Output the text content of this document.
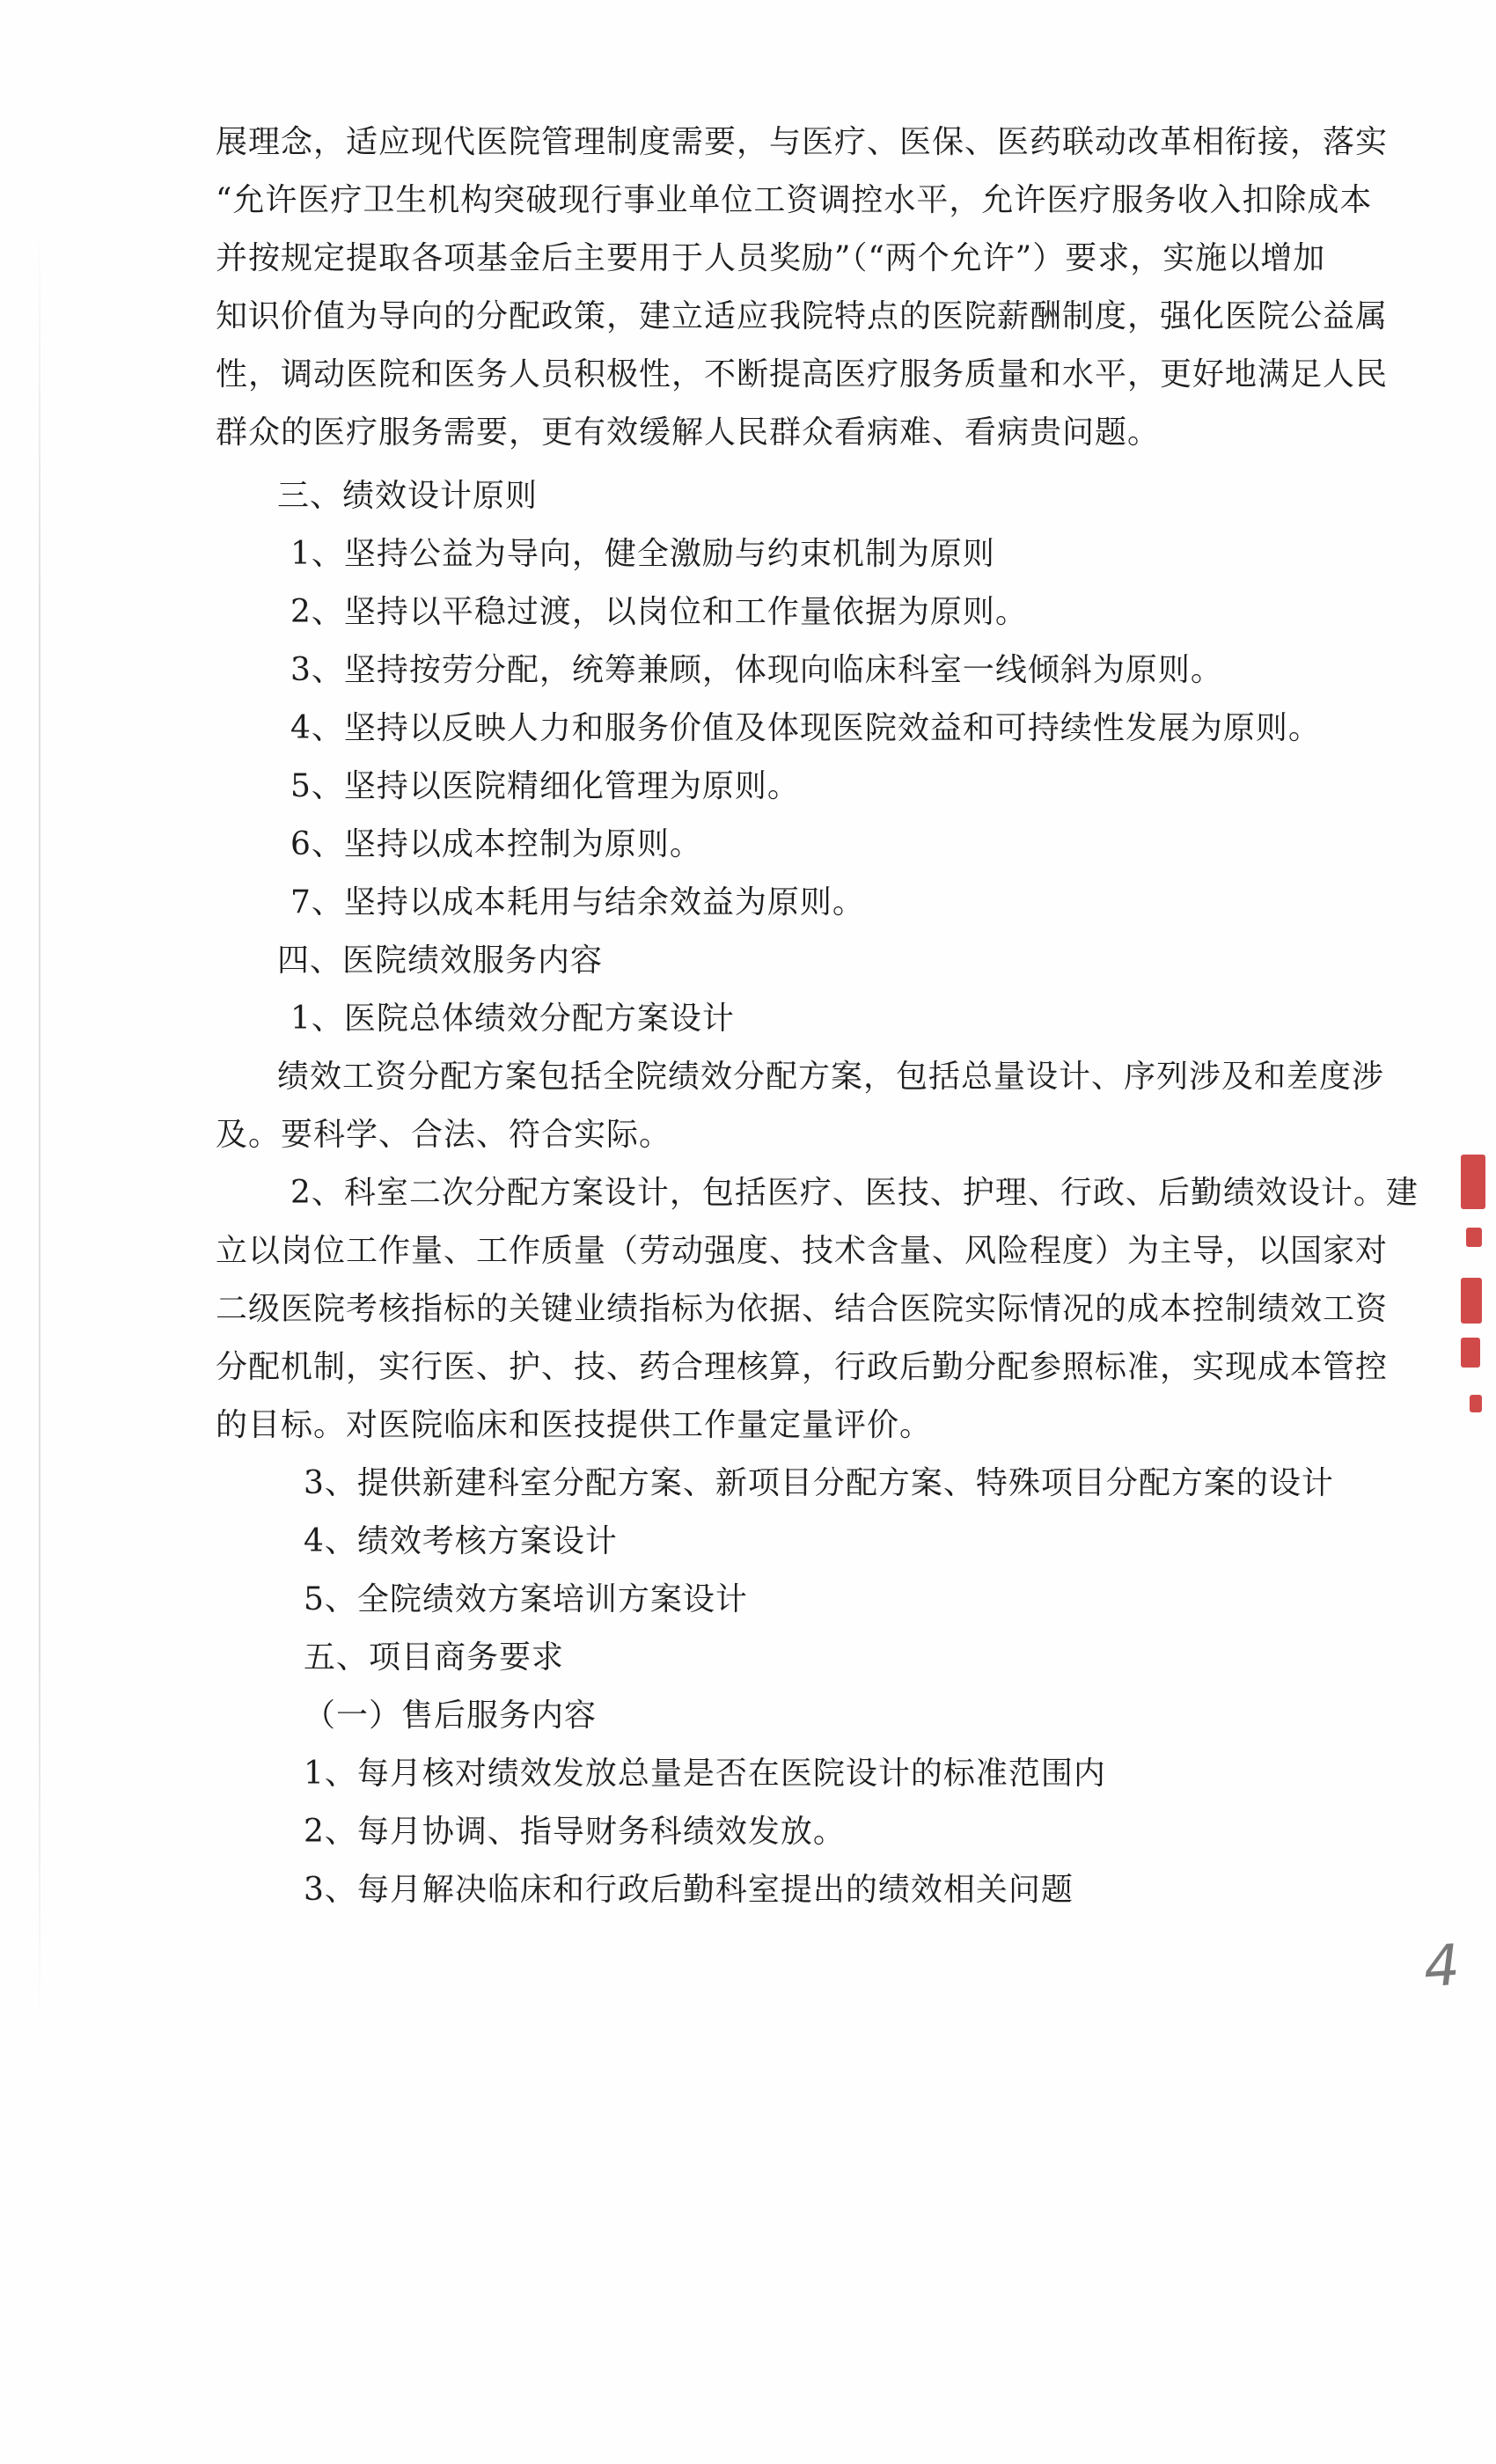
展理念，适应现代医院管理制度需要，与医疗、医保、医药联动改革相衔接，落实
“允许医疗卫生机构突破现行事业单位工资调控水平，允许医疗服务收入扣除成本
并按规定提取各项基金后主要用于人员奖励”（“两个允许”）要求，实施以增加
知识价值为导向的分配政策，建立适应我院特点的医院薪酬制度，强化医院公益属
性，调动医院和医务人员积极性，不断提高医疗服务质量和水平，更好地满足人民
群众的医疗服务需要，更有效缓解人民群众看病难、看病贵问题。
三、绩效设计原则
1、坚持公益为导向，健全激励与约束机制为原则
2、坚持以平稳过渡，以岗位和工作量依据为原则。
3、坚持按劳分配，统筹兼顾，体现向临床科室一线倾斜为原则。
4、坚持以反映人力和服务价值及体现医院效益和可持续性发展为原则。
5、坚持以医院精细化管理为原则。
6、坚持以成本控制为原则。
7、坚持以成本耗用与结余效益为原则。
四、医院绩效服务内容
1、医院总体绩效分配方案设计
绩效工资分配方案包括全院绩效分配方案，包括总量设计、序列涉及和差度涉
及。要科学、合法、符合实际。
2、科室二次分配方案设计，包括医疗、医技、护理、行政、后勤绩效设计。建
立以岗位工作量、工作质量（劳动强度、技术含量、风险程度）为主导，以国家对
二级医院考核指标的关键业绩指标为依据、结合医院实际情况的成本控制绩效工资
分配机制，实行医、护、技、药合理核算，行政后勤分配参照标准，实现成本管控
的目标。对医院临床和医技提供工作量定量评价。
3、提供新建科室分配方案、新项目分配方案、特殊项目分配方案的设计
4、绩效考核方案设计
5、全院绩效方案培训方案设计
五、项目商务要求
（一）售后服务内容
1、每月核对绩效发放总量是否在医院设计的标准范围内
2、每月协调、指导财务科绩效发放。
3、每月解决临床和行政后勤科室提出的绩效相关问题
4
